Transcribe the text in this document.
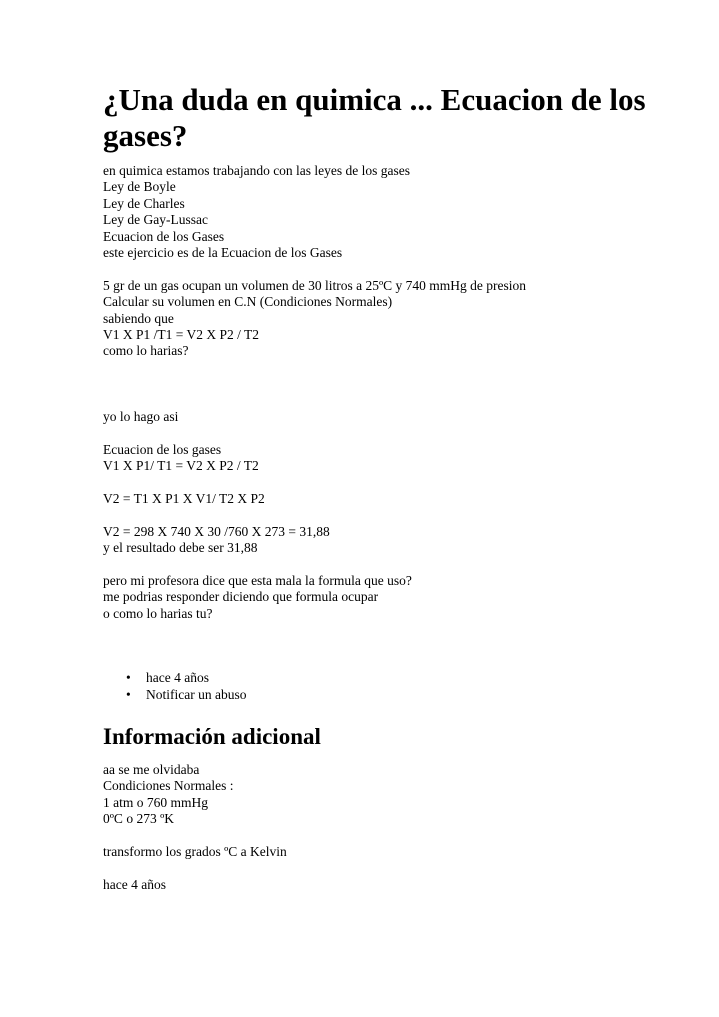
¿Una duda en quimica ... Ecuacion de los gases?
en quimica estamos trabajando con las leyes de los gases
Ley de Boyle
Ley de Charles
Ley de Gay-Lussac
Ecuacion de los Gases
este ejercicio es de la Ecuacion de los Gases
5 gr de un gas ocupan un volumen de 30 litros a 25ºC y 740 mmHg de presion
Calcular su volumen en C.N (Condiciones Normales)
sabiendo que
V1 X P1 /T1 = V2 X P2 / T2
como lo harias?
yo lo hago asi
Ecuacion de los gases
V1 X P1/ T1 = V2 X P2 / T2
V2 = T1 X P1 X V1/ T2 X P2
V2 = 298 X 740 X 30 /760 X 273 = 31,88
y el resultado debe ser 31,88
pero mi profesora dice que esta mala la formula que uso?
me podrias responder diciendo que formula ocupar
o como lo harias tu?
• hace 4 años
• Notificar un abuso
Información adicional
aa se me olvidaba
Condiciones Normales :
1 atm o 760 mmHg
0ºC o 273 ºK
transformo los grados ºC a Kelvin
hace 4 años
